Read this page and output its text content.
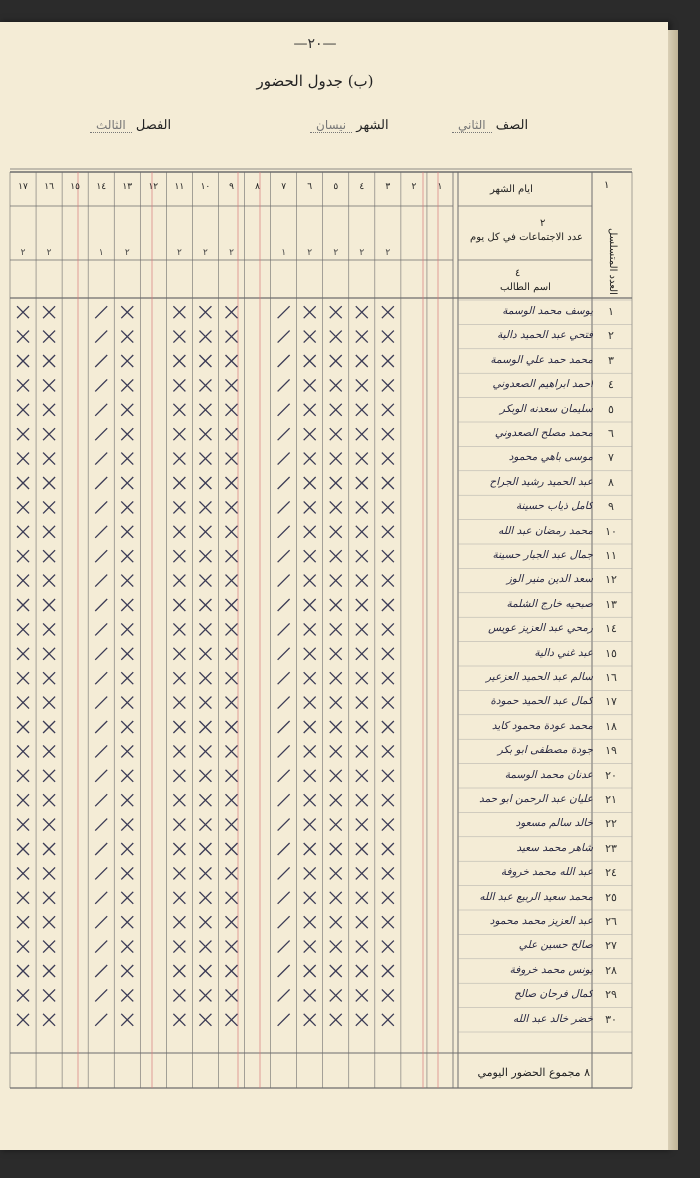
—٢٠—
(ب) جدول الحضور
الصف الثاني
الشهر نيسان
الفصل الثالث
١
العدد المتسلسل
ايام الشهر
٢
عدد الاجتماعات في كل يوم
٤
اسم الطالب
١
٢
٣
٢
٤
٢
٥
٢
٦
٢
٧
١
٨
٩
٢
١٠
٢
١١
٢
١٢
١٣
٢
١٤
١
١٥
١٦
٢
١٧
٢
١
يوسف محمد الوسمة
٢
فتحي عبد الحميد دالية
٣
محمد حمد علي الوسمة
٤
احمد ابراهيم الصعدوني
٥
سليمان سعدنه الوبكر
٦
محمد مصلح الصعدوني
٧
موسى باهي محمود
٨
عبد الحميد رشيد الجراح
٩
كامل ذياب حسينة
١٠
محمد رمضان عبد الله
١١
جمال عبد الجبار حسينة
١٢
سعد الدين منير الوز
١٣
صبحيه خارج الشلمة
١٤
رمحي عبد العزيز عويس
١٥
عبد غني دالية
١٦
سالم عبد الحميد العزعير
١٧
كمال عبد الحميد حمودة
١٨
محمد عودة محمود كايد
١٩
جودة مصطفى ابو بكر
٢٠
عدنان محمد الوسمة
٢١
عليان عبد الرحمن ابو حمد
٢٢
خالد سالم مسعود
٢٣
شاهر محمد سعيد
٢٤
عبد الله محمد خروفة
٢٥
محمد سعيد الربيع عبد الله
٢٦
عبد العزيز محمد محمود
٢٧
صالح حسين علي
٢٨
يونس محمد خروفة
٢٩
كمال فرحان صالح
٣٠
خضر خالد عبد الله
٨ مجموع الحضور اليومي
